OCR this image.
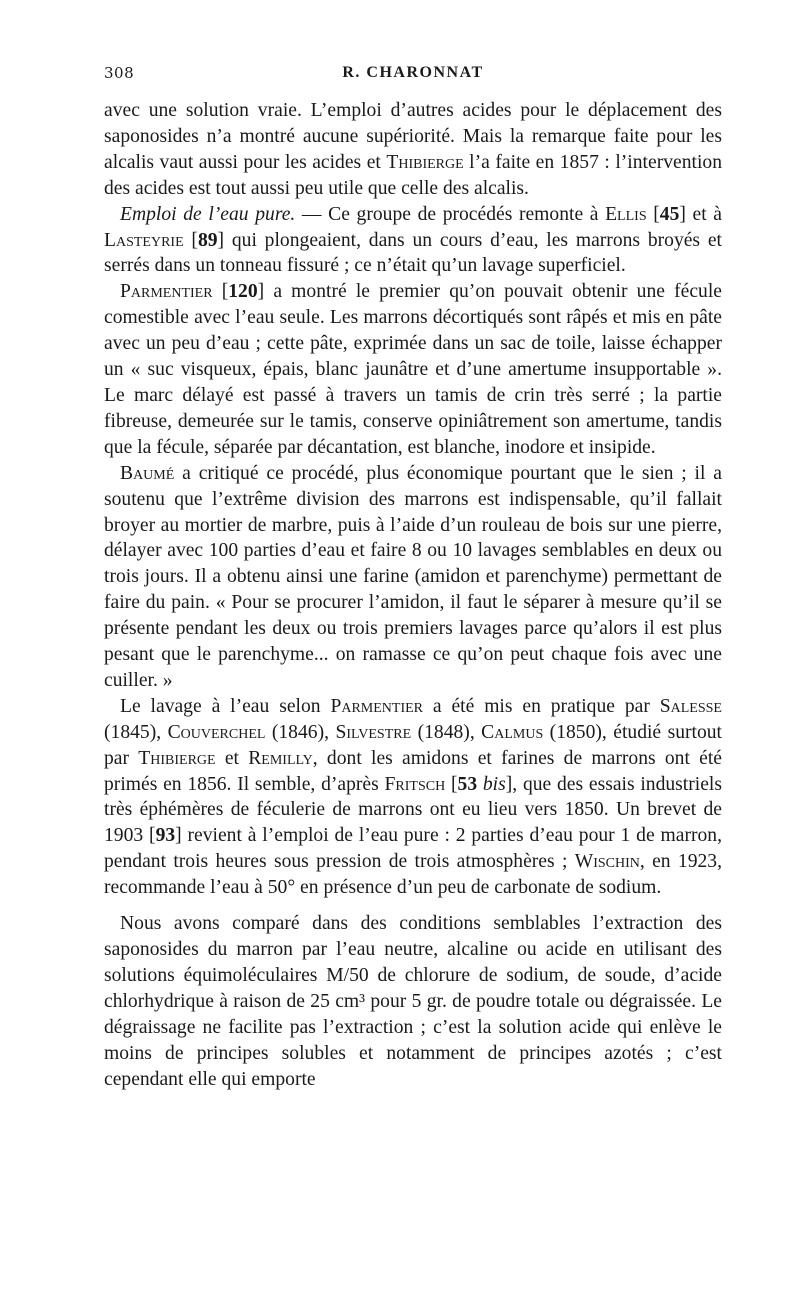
308	R. CHARONNAT

avec une solution vraie. L’emploi d’autres acides pour le déplacement des saponosides n’a montré aucune supériorité. Mais la remarque faite pour les alcalis vaut aussi pour les acides et Thibierge l’a faite en 1857 : l’intervention des acides est tout aussi peu utile que celle des alcalis.

Emploi de l’eau pure. — Ce groupe de procédés remonte à Ellis [45] et à Lasteyrie [89] qui plongeaient, dans un cours d’eau, les marrons broyés et serrés dans un tonneau fissuré ; ce n’était qu’un lavage superficiel.

Parmentier [120] a montré le premier qu’on pouvait obtenir une fécule comestible avec l’eau seule. Les marrons décortiqués sont râpés et mis en pâte avec un peu d’eau ; cette pâte, exprimée dans un sac de toile, laisse échapper un « suc visqueux, épais, blanc jaunâtre et d’une amertume insupportable ». Le marc délayé est passé à travers un tamis de crin très serré ; la partie fibreuse, demeurée sur le tamis, conserve opiniâtrement son amertume, tandis que la fécule, séparée par décantation, est blanche, inodore et insipide.

Baumé a critiqué ce procédé, plus économique pourtant que le sien ; il a soutenu que l’extrême division des marrons est indispensable, qu’il fallait broyer au mortier de marbre, puis à l’aide d’un rouleau de bois sur une pierre, délayer avec 100 parties d’eau et faire 8 ou 10 lavages semblables en deux ou trois jours. Il a obtenu ainsi une farine (amidon et parenchyme) permettant de faire du pain. « Pour se procurer l’amidon, il faut le séparer à mesure qu’il se présente pendant les deux ou trois premiers lavages parce qu’alors il est plus pesant que le parenchyme... on ramasse ce qu’on peut chaque fois avec une cuiller. »

Le lavage à l’eau selon Parmentier a été mis en pratique par Salesse (1845), Couverchel (1846), Silvestre (1848), Calmus (1850), étudié surtout par Thibierge et Remilly, dont les amidons et farines de marrons ont été primés en 1856. Il semble, d’après Fritsch [53 bis], que des essais industriels très éphémères de féculerie de marrons ont eu lieu vers 1850. Un brevet de 1903 [93] revient à l’emploi de l’eau pure : 2 parties d’eau pour 1 de marron, pendant trois heures sous pression de trois atmosphères ; Wischin, en 1923, recommande l’eau à 50° en présence d’un peu de carbonate de sodium.

Nous avons comparé dans des conditions semblables l’extraction des saponosides du marron par l’eau neutre, alcaline ou acide en utilisant des solutions équimoléculaires M/50 de chlorure de sodium, de soude, d’acide chlorhydrique à raison de 25 cm³ pour 5 gr. de poudre totale ou dégraissée. Le dégraissage ne facilite pas l’extraction ; c’est la solution acide qui enlève le moins de principes solubles et notamment de principes azotés ; c’est cependant elle qui emporte
